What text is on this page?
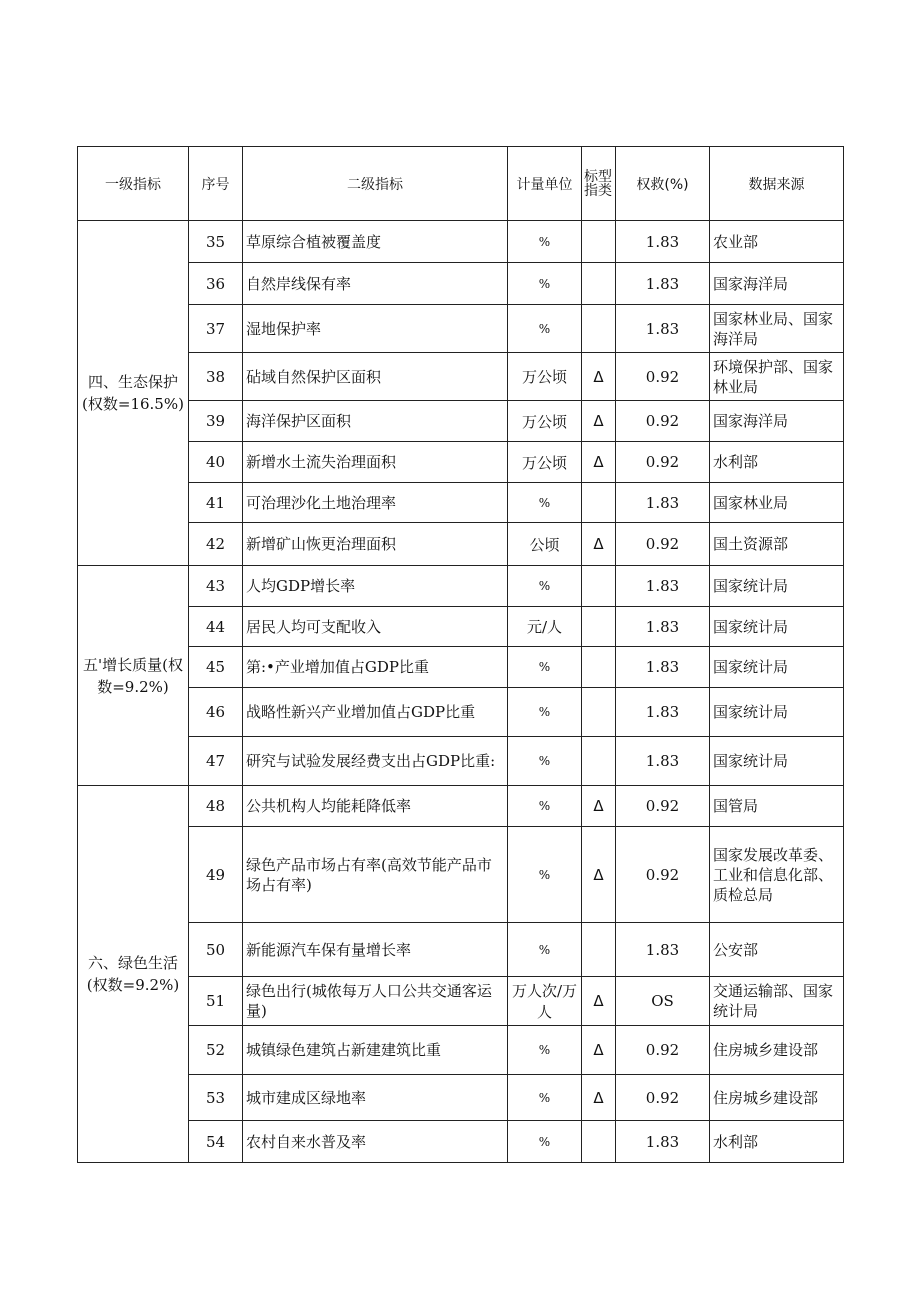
一级指标	序号	二级指标	计量单位	标型指类	权救(%)	数据来源
四、生态保护(权数=16.5%)	35	草原综合植被覆盖度	%		1.83	农业部
	36	自然岸线保有率	%		1.83	国家海洋局
	37	湿地保护率	%		1.83	国家林业局、国家海洋局
	38	砧域自然保护区面积	万公顷	Δ	0.92	环境保护部、国家林业局
	39	海洋保护区面积	万公顷	Δ	0.92	国家海洋局
	40	新增水土流失治理面积	万公顷	Δ	0.92	水利部
	41	可治理沙化土地治理率	%		1.83	国家林业局
	42	新增矿山恢更治理面积	公顷	Δ	0.92	国土资源部
五'增长质量(权数=9.2%)	43	人均GDP增长率	%		1.83	国家统计局
	44	居民人均可支配收入	元/人		1.83	国家统计局
	45	第:•产业增加值占GDP比重	%		1.83	国家统计局
	46	战略性新兴产业增加值占GDP比重	%		1.83	国家统计局
	47	研究与试验发展经费支出占GDP比重:	%		1.83	国家统计局
六、绿色生活(权数=9.2%)	48	公共机构人均能耗降低率	%	Δ	0.92	国管局
	49	绿色产品市场占有率(高效节能产品市场占有率)	%	Δ	0.92	国家发展改革委、工业和信息化部、质检总局
	50	新能源汽车保有量增长率	%		1.83	公安部
	51	绿色出行(城侬每万人口公共交通客运量)	万人次/万人	Δ	OS	交通运输部、国家统计局
	52	城镇绿色建筑占新建建筑比重	%	Δ	0.92	住房城乡建设部
	53	城市建成区绿地率	%	Δ	0.92	住房城乡建设部
	54	农村自来水普及率	%		1.83	水利部
